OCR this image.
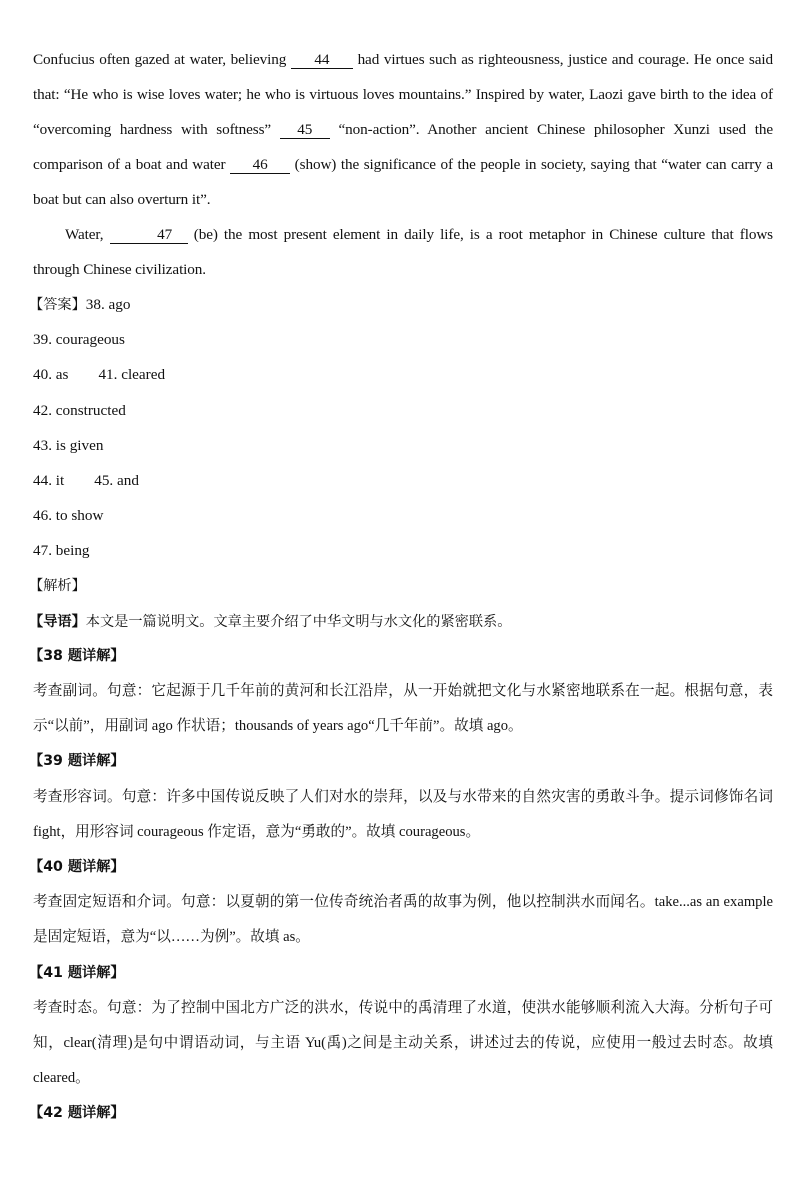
Confucius often gazed at water, believing 44 had virtues such as righteousness, justice and courage. He once said that: “He who is wise loves water; he who is virtuous loves mountains.” Inspired by water, Laozi gave birth to the idea of “overcoming hardness with softness” 45 “non-action”. Another ancient Chinese philosopher Xunzi used the comparison of a boat and water 46 (show) the significance of the people in society, saying that “water can carry a boat but can also overturn it”.

Water,	47 (be) the most present element in daily life, is a root metaphor in Chinese culture that flows through Chinese civilization.

【答案】38. ago
39. courageous
40. as 41. cleared
42. constructed
43. is given
44. it 45. and
46. to show
47. being
【解析】
【导语】本文是一篇说明文。文章主要介绍了中华文明与水文化的紧密联系。
【38 题详解】

考查副词。句意：它起源于几千年前的黄河和长江沿岸，从一开始就把文化与水紧密地联系在一起。根据句意，表示“以前”，用副词 ago 作状语；thousands of years ago“几千年前”。故填 ago。

【39 题详解】

考查形容词。句意：许多中国传说反映了人们对水的崇拜，以及与水带来的自然灾害的勇敢斗争。提示词修饰名词 fight，用形容词 courageous 作定语，意为“勇敢的”。故填 courageous。

【40 题详解】

考查固定短语和介词。句意：以夏朝的第一位传奇统治者禹的故事为例，他以控制洪水而闻名。take...as an example 是固定短语，意为“以……为例”。故填 as。

【41 题详解】

考查时态。句意：为了控制中国北方广泛的洪水，传说中的禹清理了水道，使洪水能够顺利流入大海。分析句子可知，clear(清理)是句中谓语动词，与主语 Yu(禹)之间是主动关系，讲述过去的传说，应使用一般过去时态。故填 cleared。

【42 题详解】
